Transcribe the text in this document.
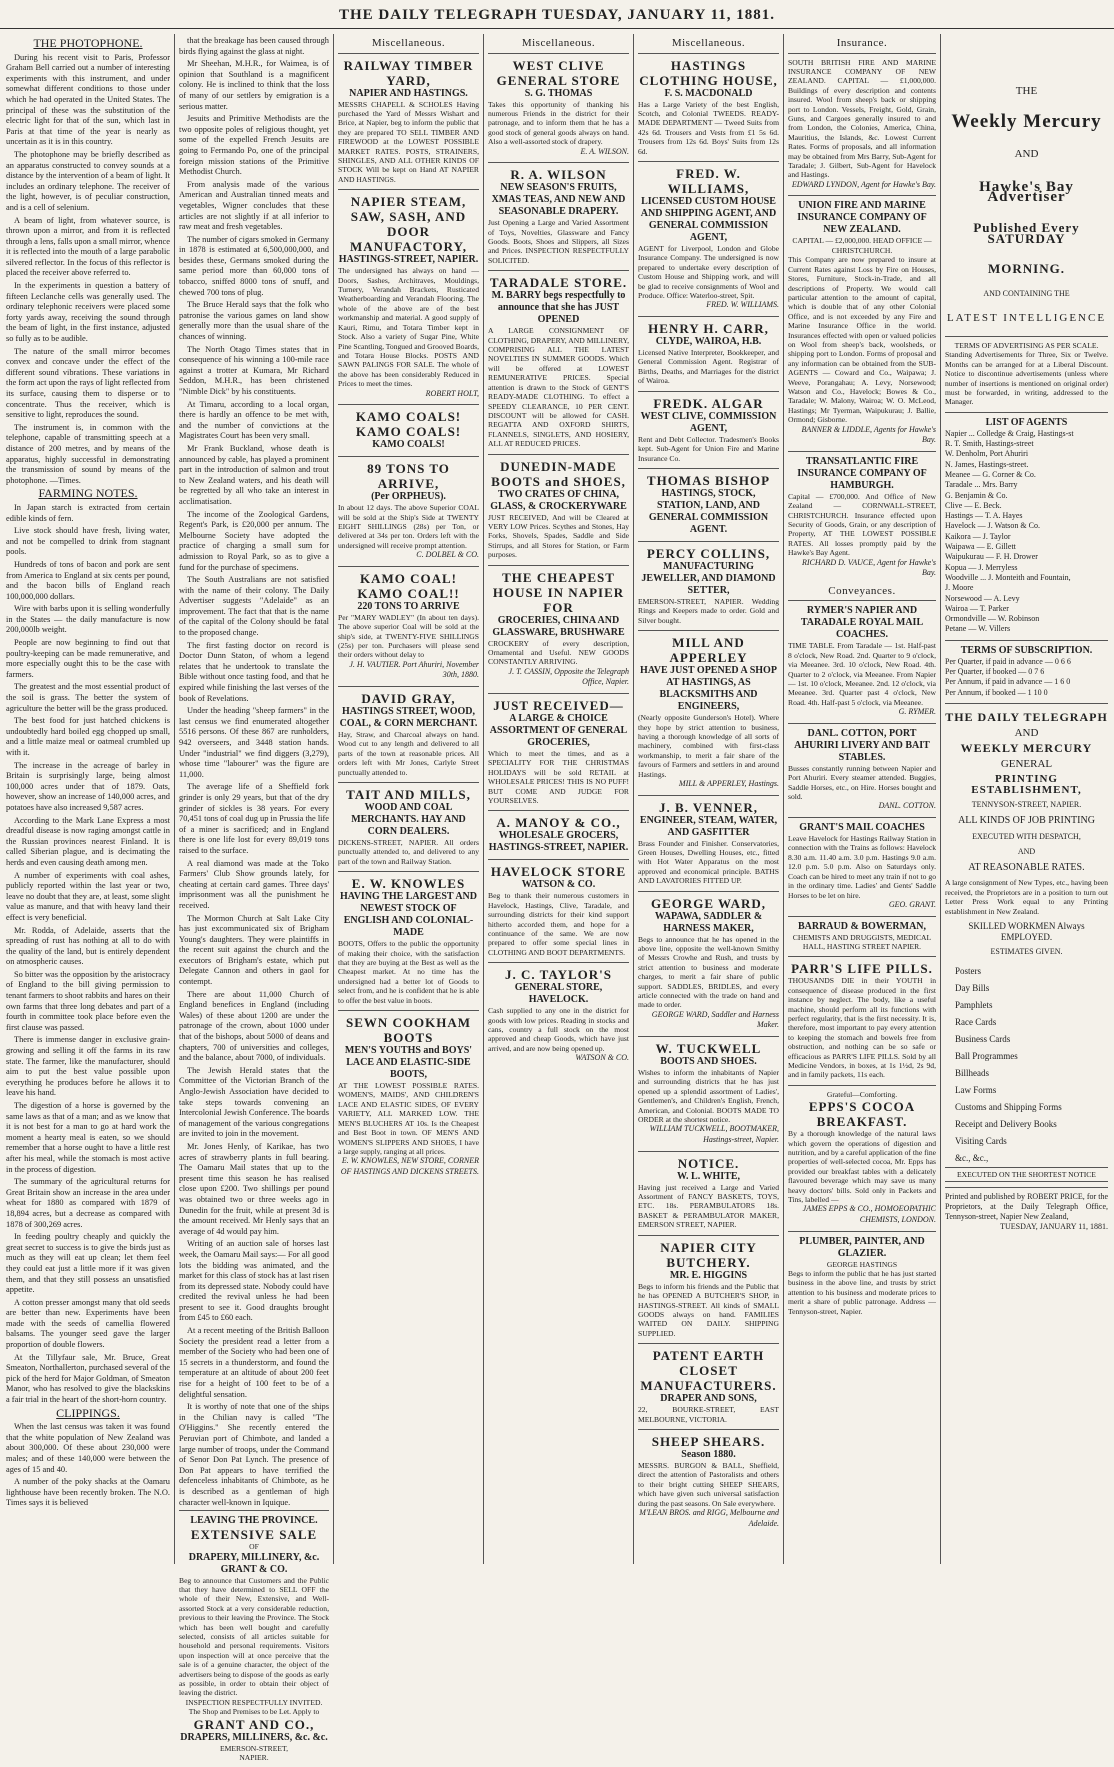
THE DAILY TELEGRAPH TUESDAY, JANUARY 11, 1881.
THE PHOTOPHONE.

During his recent visit to Paris, Professor Graham Bell carried out a number of interesting experiments with this instrument, and under somewhat different conditions to those under which he had operated in the United States. The principal of these was the substitution of the electric light for that of the sun, which last in Paris at that time of the year is nearly as uncertain as it is in this country.

The photophone may be briefly described as an apparatus constructed to convey sounds at a distance by the intervention of a beam of light. It includes an ordinary telephone. The receiver of the light, however, is of peculiar construction, and is a cell of selenium.

A beam of light, from whatever source, is thrown upon a mirror, and from it is reflected through a lens, falls upon a small mirror, whence it is reflected into the mouth of a large parabolic silvered reflector. In the focus of this reflector is placed the receiver above referred to.

In the experiments in question a battery of fifteen Leclanche cells was generally used. The ordinary telephonic receivers were placed some forty yards away, receiving the sound through the beam of light, in the first instance, adjusted so fully as to be audible.

The nature of the small mirror becomes convex and concave under the effect of the different sound vibrations. These variations in the form act upon the rays of light reflected from its surface, causing them to disperse or to concentrate. Thus the receiver, which is sensitive to light, reproduces the sound.

The instrument is, in common with the telephone, capable of transmitting speech at a distance of 200 metres, and by means of the apparatus, highly successful in demonstrating the transmission of sound by means of the photophone. —Times.

FARMING NOTES.

In Japan starch is extracted from certain edible kinds of fern.

Live stock should have fresh, living water, and not be compelled to drink from stagnant pools.

Hundreds of tons of bacon and pork are sent from America to England at six cents per pound, and the bacon bills of England reach 100,000,000 dollars.

Wire with barbs upon it is selling wonderfully in the States — the daily manufacture is now 200,000lb weight.

People are now beginning to find out that poultry-keeping can be made remunerative, and more especially ought this to be the case with farmers.

The greatest and the most essential product of the soil is grass. The better the system of agriculture the better will be the grass produced.

The best food for just hatched chickens is undoubtedly hard boiled egg chopped up small, and a little maize meal or oatmeal crumbled up with it.

The increase in the acreage of barley in Britain is surprisingly large, being almost 100,000 acres under that of 1879. Oats, however, show an increase of 140,000 acres, and potatoes have also increased 9,587 acres.

According to the Mark Lane Express a most dreadful disease is now raging amongst cattle in the Russian provinces nearest Finland. It is called Siberian plague, and is decimating the herds and even causing death among men.

A number of experiments with coal ashes, publicly reported within the last year or two, leave no doubt that they are, at least, some slight value as manure, and that with heavy land their effect is very beneficial.

Mr. Rodda, of Adelaide, asserts that the spreading of rust has nothing at all to do with the quality of the land, but is entirely dependent on atmospheric causes.

So bitter was the opposition by the aristocracy of England to the bill giving permission to tenant farmers to shoot rabbits and hares on their own farms that three long debates and part of a fourth in committee took place before even the first clause was passed.

There is immense danger in exclusive grain-growing and selling it off the farms in its raw state. The farmer, like the manufacturer, should aim to put the best value possible upon everything he produces before he allows it to leave his hand.

The digestion of a horse is governed by the same laws as that of a man; and as we know that it is not best for a man to go at hard work the moment a hearty meal is eaten, so we should remember that a horse ought to have a little rest after his meal, while the stomach is most active in the process of digestion.

The summary of the agricultural returns for Great Britain show an increase in the area under wheat for 1880 as compared with 1879 of 18,894 acres, but a decrease as compared with 1878 of 300,269 acres.

In feeding poultry cheaply and quickly the great secret to success is to give the birds just as much as they will eat up clean; let them feel they could eat just a little more if it was given them, and that they still possess an unsatisfied appetite.

A cotton presser amongst many that old seeds are better than new. Experiments have been made with the seeds of camellia flowered balsams. The younger seed gave the larger proportion of double flowers.

At the Tillyfaur sale, Mr. Bruce, Great Smeaton, Northallerton, purchased several of the pick of the herd for Major Goldman, of Smeaton Manor, who has resolved to give the blackskins a fair trial in the heart of the short-horn country.

CLIPPINGS.

When the last census was taken it was found that the white population of New Zealand was about 300,000. Of these about 230,000 were males; and of these 140,000 were between the ages of 15 and 40.

A number of the poky shacks at the Oamaru lighthouse have been recently broken. The N.O. Times says it is believed

that the breakage has been caused through birds flying against the glass at night.

Mr Sheehan, M.H.R., for Waimea, is of opinion that Southland is a magnificent colony. He is inclined to think that the loss of many of our settlers by emigration is a serious matter.

Jesuits and Primitive Methodists are the two opposite poles of religious thought, yet some of the expelled French Jesuits are going to Fermando Po, one of the principal foreign mission stations of the Primitive Methodist Church.

From analysis made of the various American and Australian tinned meats and vegetables, Wigner concludes that these articles are not slightly if at all inferior to raw meat and fresh vegetables.

The number of cigars smoked in Germany in 1878 is estimated at 6,500,000,000, and besides these, Germans smoked during the same period more than 60,000 tons of tobacco, sniffed 8000 tons of snuff, and chewed 700 tons of plug.

The Bruce Herald says that the folk who patronise the various games on land show generally more than the usual share of the chances of winning.

The North Otago Times states that in consequence of his winning a 100-mile race against a trotter at Kumara, Mr Richard Seddon, M.H.R., has been christened "Nimble Dick" by his constituents.

At Timaru, according to a local organ, there is hardly an offence to be met with, and the number of convictions at the Magistrates Court has been very small.

Mr Frank Buckland, whose death is announced by cable, has played a prominent part in the introduction of salmon and trout to New Zealand waters, and his death will be regretted by all who take an interest in acclimatisation.

The income of the Zoological Gardens, Regent's Park, is £20,000 per annum. The Melbourne Society have adopted the practice of charging a small sum for admission to Royal Park, so as to give a fund for the purchase of specimens.

The South Australians are not satisfied with the name of their colony. The Daily Advertiser suggests "Adelaide" as an improvement. The fact that that is the name of the capital of the Colony should be fatal to the proposed change.

The first fasting doctor on record is Doctor Dunn Staton, of whom a legend relates that he undertook to translate the Bible without once tasting food, and that he expired while finishing the last verses of the book of Revelations.

Under the heading "sheep farmers" in the last census we find enumerated altogether 5516 persons. Of these 867 are runholders, 942 overseers, and 3448 station hands. Under "industrial" we find diggers (3,279), whose time "labourer" was the figure are 11,000.

The average life of a Sheffield fork grinder is only 29 years, but that of the dry grinder of sickles is 38 years. For every 70,451 tons of coal dug up in Prussia the life of a miner is sacrificed; and in England there is one life lost for every 89,019 tons raised to the surface.

A real diamond was made at the Toko Farmers' Club Show grounds lately, for cheating at certain card games. Three days' imprisonment was all the punishment he received.

The Mormon Church at Salt Lake City has just excommunicated six of Brigham Young's daughters. They were plaintiffs in the recent suit against the church and the executors of Brigham's estate, which put Delegate Cannon and others in gaol for contempt.

There are about 11,000 Church of England benefices in England (including Wales) of these about 1200 are under the patronage of the crown, about 1000 under that of the bishops, about 5000 of deans and chapters, 700 of universities and colleges, and the balance, about 7000, of individuals.

The Jewish Herald states that the Committee of the Victorian Branch of the Anglo-Jewish Association have decided to take steps towards convening an Intercolonial Jewish Conference. The boards of management of the various congregations are invited to join in the movement.

Mr. Jones Henly, of Karikae, has two acres of strawberry plants in full bearing. The Oamaru Mail states that up to the present time this season he has realised close upon £200. Two shillings per pound was obtained two or three weeks ago in Dunedin for the fruit, while at present 3d is the amount received. Mr Henly says that an average of 4d would pay him.

Writing of an auction sale of horses last week, the Oamaru Mail says:— For all good lots the bidding was animated, and the market for this class of stock has at last risen from its depressed state. Nobody could have credited the revival unless he had been present to see it. Good draughts brought from £45 to £60 each.

At a recent meeting of the British Balloon Society the president read a letter from a member of the Society who had been one of 15 secrets in a thunderstorm, and found the temperature at an altitude of about 200 feet rise for a height of 100 feet to be of a delightful sensation.

It is worthy of note that one of the ships in the Chilian navy is called "The O'Higgins." She recently entered the Peruvian port of Chimbote, and landed a large number of troops, under the Command of Senor Don Pat Lynch. The presence of Don Pat appears to have terrified the defenceless inhabitants of Chimbote, as he is described as a gentleman of high character well-known in Iquique.

LEAVING THE PROVINCE.
EXTENSIVE SALE
OF
DRAPERY, MILLINERY, &c.
GRANT & CO.
Beg to announce that Customers and the Public that they have determined to SELL OFF the whole of their New, Extensive, and Well-assorted Stock at a very considerable reduction, previous to their leaving the Province. The Stock which has been well bought and carefully selected, consists of all articles suitable for household and personal requirements. Visitors upon inspection will at once perceive that the sale is of a genuine character, the object of the advertisers being to dispose of the goods as early as possible, in order to obtain their object of leaving the district.
INSPECTION RESPECTFULLY INVITED.
The Shop and Premises to be Let. Apply to
GRANT AND CO.,
DRAPERS, MILLINERS, &c. &c.
EMERSON-STREET,
NAPIER.
Miscellaneous.
RAILWAY TIMBER YARD,
NAPIER AND HASTINGS.
MESSRS CHAPELL & SCHOLES Having purchased the Yard of Messrs Wishart and Brice, at Napier, beg to inform the public that they are prepared TO SELL TIMBER AND FIREWOOD at the LOWEST POSSIBLE MARKET RATES. POSTS, STRAINERS, SHINGLES, AND ALL OTHER KINDS OF STOCK Will be kept on Hand AT NAPIER AND HASTINGS.
NAPIER STEAM, SAW, SASH, AND DOOR MANUFACTORY,
HASTINGS-STREET, NAPIER.
The undersigned has always on hand — Doors, Sashes, Architraves, Mouldings, Turnery, Verandah Brackets, Rusticated Weatherboarding and Verandah Flooring. The whole of the above are of the best workmanship and material. A good supply of Kauri, Rimu, and Totara Timber kept in Stock. Also a variety of Sugar Pine, White Pine Scantling, Tongued and Grooved Boards, and Totara House Blocks. POSTS AND SAWN PALINGS FOR SALE. The whole of the above has been considerably Reduced in Prices to meet the times.
ROBERT HOLT,
KAMO COALS! KAMO COALS!
KAMO COALS!
89 TONS TO ARRIVE,
(Per ORPHEUS).
In about 12 days. The above Superior COAL will be sold at the Ship's Side at TWENTY EIGHT SHILLINGS (28s) per Ton, or delivered at 34s per ton. Orders left with the undersigned will receive prompt attention.
C. DOLBEL & CO.
KAMO COAL! KAMO COAL!!
220 TONS TO ARRIVE
Per "MARY WADLEY" (In about ten days). The above superior Coal will be sold at the ship's side, at TWENTY-FIVE SHILLINGS (25s) per ton. Purchasers will please send their orders without delay to
J. H. VAUTIER. Port Ahuriri, November 30th, 1880.
DAVID GRAY,
HASTINGS STREET, WOOD, COAL, & CORN MERCHANT.
Hay, Straw, and Charcoal always on hand. Wood cut to any length and delivered to all parts of the town at reasonable prices. All orders left with Mr Jones, Carlyle Street punctually attended to.
TAIT AND MILLS,
WOOD AND COAL MERCHANTS. HAY AND CORN DEALERS.
DICKENS-STREET, NAPIER. All orders punctually attended to, and delivered to any part of the town and Railway Station.
E. W. KNOWLES
HAVING THE LARGEST AND NEWEST STOCK OF ENGLISH AND COLONIAL-MADE
BOOTS, Offers to the public the opportunity of making their choice, with the satisfaction that they are buying at the Best as well as the Cheapest market. At no time has the undersigned had a better lot of Goods to select from, and he is confident that he is able to offer the best value in boots.
SEWN COOKHAM BOOTS
MEN'S YOUTHS and BOYS' LACE AND ELASTIC-SIDE BOOTS,
AT THE LOWEST POSSIBLE RATES. WOMEN'S, MAIDS', AND CHILDREN'S LACE AND ELASTIC SIDES, OF EVERY VARIETY, ALL MARKED LOW. THE MEN'S BLUCHERS AT 10s. Is the Cheapest and Best Boot in town. OF MEN'S AND WOMEN'S SLIPPERS AND SHOES, I have a large supply, ranging at all prices.
E. W. KNOWLES, NEW STORE, CORNER OF HASTINGS AND DICKENS STREETS.
Miscellaneous.
WEST CLIVE GENERAL STORE
S. G. THOMAS
Takes this opportunity of thanking his numerous Friends in the district for their patronage, and to inform them that he has a good stock of general goods always on hand. Also a well-assorted stock of drapery.
E. A. WILSON.
R. A. WILSON
NEW SEASON'S FRUITS, XMAS TEAS, AND NEW AND SEASONABLE DRAPERY.
Just Opening a Large and Varied Assortment of Toys, Novelties, Glassware and Fancy Goods. Boots, Shoes and Slippers, all Sizes and Prices. INSPECTION RESPECTFULLY SOLICITED.
TARADALE STORE.
M. BARRY begs respectfully to announce that she has JUST OPENED
A LARGE CONSIGNMENT OF CLOTHING, DRAPERY, AND MILLINERY, COMPRISING ALL THE LATEST NOVELTIES IN SUMMER GOODS. Which will be offered at LOWEST REMUNERATIVE PRICES. Special attention is drawn to the Stock of GENT'S READY-MADE CLOTHING. To effect a SPEEDY CLEARANCE, 10 PER CENT. DISCOUNT will be allowed for CASH. REGATTA AND OXFORD SHIRTS, FLANNELS, SINGLETS, AND HOSIERY, ALL AT REDUCED PRICES.
DUNEDIN-MADE BOOTS and SHOES,
TWO CRATES OF CHINA, GLASS, & CROCKERYWARE
JUST RECEIVED, And will be Cleared at VERY LOW Prices. Scythes and Stones, Hay Forks, Shovels, Spades, Saddle and Side Stirrups, and all Stores for Station, or Farm purposes.
THE CHEAPEST HOUSE IN NAPIER FOR
GROCERIES, CHINA AND GLASSWARE, BRUSHWARE
CROCKERY of every description, Ornamental and Useful. NEW GOODS CONSTANTLY ARRIVING.
J. T. CASSIN, Opposite the Telegraph Office, Napier.
JUST RECEIVED—
A LARGE & CHOICE ASSORTMENT OF GENERAL GROCERIES,
Which to meet the times, and as a SPECIALITY FOR THE CHRISTMAS HOLIDAYS will be sold RETAIL at WHOLESALE PRICES! THIS IS NO PUFF! BUT COME AND JUDGE FOR YOURSELVES.
A. MANOY & CO.,
WHOLESALE GROCERS, HASTINGS-STREET, NAPIER.
HAVELOCK STORE
WATSON & CO.
Beg to thank their numerous customers in Havelock, Hastings, Clive, Taradale, and surrounding districts for their kind support hitherto accorded them, and hope for a continuance of the same. We are now prepared to offer some special lines in CLOTHING AND BOOT DEPARTMENTS.
J. C. TAYLOR'S
GENERAL STORE, HAVELOCK.
Cash supplied to any one in the district for goods with low prices. Reading in stocks and cans, country a full stock on the most approved and cheap Goods, which have just arrived, and are now being opened up.
WATSON & CO.
Miscellaneous.
HASTINGS CLOTHING HOUSE,
F. S. MACDONALD
Has a Large Variety of the best English, Scotch, and Colonial TWEEDS. READY-MADE DEPARTMENT — Tweed Suits from 42s 6d. Trousers and Vests from £1 5s 6d. Trousers from 12s 6d. Boys' Suits from 12s 6d.
FRED. W. WILLIAMS,
LICENSED CUSTOM HOUSE AND SHIPPING AGENT, AND GENERAL COMMISSION AGENT,
AGENT for Liverpool, London and Globe Insurance Company. The undersigned is now prepared to undertake every description of Custom House and Shipping work, and will be glad to receive consignments of Wool and Produce. Office: Waterloo-street, Spit.
FRED. W. WILLIAMS.
HENRY H. CARR,
CLYDE, WAIROA, H.B.
Licensed Native Interpreter, Bookkeeper, and General Commission Agent. Registrar of Births, Deaths, and Marriages for the district of Wairoa.
FREDK. ALGAR
WEST CLIVE, COMMISSION AGENT,
Rent and Debt Collector. Tradesmen's Books kept. Sub-Agent for Union Fire and Marine Insurance Co.
THOMAS BISHOP
HASTINGS, STOCK, STATION, LAND, AND GENERAL COMMISSION AGENT.
PERCY COLLINS,
MANUFACTURING JEWELLER, AND DIAMOND SETTER,
EMERSON-STREET, NAPIER. Wedding Rings and Keepers made to order. Gold and Silver bought.
MILL AND APPERLEY
HAVE JUST OPENED A SHOP AT HASTINGS, AS BLACKSMITHS AND ENGINEERS,
(Nearly opposite Gunderson's Hotel). Where they hope by strict attention to business, having a thorough knowledge of all sorts of machinery, combined with first-class workmanship, to merit a fair share of the favours of Farmers and settlers in and around Hastings.
MILL & APPERLEY, Hastings.
J. B. VENNER,
ENGINEER, STEAM, WATER, AND GASFITTER
Brass Founder and Finisher. Conservatories, Green Houses, Dwelling Houses, etc., fitted with Hot Water Apparatus on the most approved and economical principle. BATHS AND LAVATORIES FITTED UP.
GEORGE WARD,
WAPAWA, SADDLER & HARNESS MAKER,
Begs to announce that he has opened in the above line, opposite the well-known Smithy of Messrs Crowhe and Rush, and trusts by strict attention to business and moderate charges, to merit a fair share of public support. SADDLES, BRIDLES, and every article connected with the trade on hand and made to order.
GEORGE WARD, Saddler and Harness Maker.
W. TUCKWELL
BOOTS AND SHOES.
Wishes to inform the inhabitants of Napier and surrounding districts that he has just opened up a splendid assortment of Ladies', Gentlemen's, and Children's English, French, American, and Colonial. BOOTS MADE TO ORDER at the shortest notice.
WILLIAM TUCKWELL, BOOTMAKER, Hastings-street, Napier.
NOTICE.
W. L. WHITE,
Having just received a Large and Varied Assortment of FANCY BASKETS, TOYS, ETC. 18s. PERAMBULATORS 18s. BASKET & PERAMBULATOR MAKER, EMERSON STREET, NAPIER.
NAPIER CITY BUTCHERY.
MR. E. HIGGINS
Begs to inform his friends and the Public that he has OPENED A BUTCHER'S SHOP, in HASTINGS-STREET. All kinds of SMALL GOODS always on hand. FAMILIES WAITED ON DAILY. SHIPPING SUPPLIED.
PATENT EARTH CLOSET MANUFACTURERS.
DRAPER AND SONS,
22, BOURKE-STREET, EAST MELBOURNE, VICTORIA.
SHEEP SHEARS.
Season 1880.
MESSRS. BURGON & BALL, Sheffield, direct the attention of Pastoralists and others to their bright cutting SHEEP SHEARS, which have given such universal satisfaction during the past seasons. On Sale everywhere.
M'LEAN BROS. and RIGG, Melbourne and Adelaide.
Insurance.
SOUTH BRITISH FIRE AND MARINE INSURANCE COMPANY OF NEW ZEALAND. CAPITAL — £1,000,000. Buildings of every description and contents insured. Wool from sheep's back or shipping port to London. Vessels, Freight, Gold, Grain, Guns, and Cargoes generally insured to and from London, the Colonies, America, China, Mauritius, the Islands, &c. Lowest Current Rates. Forms of proposals, and all information may be obtained from Mrs Barry, Sub-Agent for Taradale; J. Gilbert, Sub-Agent for Havelock and Hastings.
EDWARD LYNDON, Agent for Hawke's Bay.
UNION FIRE AND MARINE INSURANCE COMPANY OF NEW ZEALAND.
CAPITAL — £2,000,000. HEAD OFFICE — CHRISTCHURCH.
This Company are now prepared to insure at Current Rates against Loss by Fire on Houses, Stores, Furniture, Stock-in-Trade, and all descriptions of Property. We would call particular attention to the amount of capital, which is double that of any other Colonial Office, and is not exceeded by any Fire and Marine Insurance Office in the world. Insurances effected with open or valued policies on Wool from sheep's back, woolsheds, or shipping port to London. Forms of proposal and any information can be obtained from the SUB-AGENTS — Coward and Co., Waipawa; J. Weeve, Porangahau; A. Levy, Norsewood; Watson and Co., Havelock; Bowes & Co., Taradale; W. Malony, Wairoa; W. O. McLeod, Hastings; Mr Tyerman, Waipukurau; J. Ballie, Ormond; Gisborne.
BANNER & LIDDLE, Agents for Hawke's Bay.
TRANSATLANTIC FIRE INSURANCE COMPANY OF HAMBURGH.
Capital — £700,000. And Office of New Zealand — CORNWALL-STREET, CHRISTCHURCH. Insurance effected upon Security of Goods, Grain, or any description of Property, AT THE LOWEST POSSIBLE RATES. All losses promptly paid by the Hawke's Bay Agent.
RICHARD D. VAUCE, Agent for Hawke's Bay.
Conveyances.
RYMER'S NAPIER AND TARADALE ROYAL MAIL COACHES.
TIME TABLE. From Taradale — 1st. Half-past 8 o'clock, New Road. 2nd. Quarter to 9 o'clock, via Meeanee. 3rd. 10 o'clock, New Road. 4th. Quarter to 2 o'clock, via Meeanee. From Napier — 1st. 10 o'clock, Meeanee. 2nd. 12 o'clock, via Meeanee. 3rd. Quarter past 4 o'clock, New Road. 4th. Half-past 5 o'clock, via Meeanee.
G. RYMER.
DANL. COTTON, PORT AHURIRI LIVERY AND BAIT STABLES.
Busses constantly running between Napier and Port Ahuriri. Every steamer attended. Buggies, Saddle Horses, etc., on Hire. Horses bought and sold.
DANL. COTTON.
GRANT'S MAIL COACHES
Leave Havelock for Hastings Railway Station in connection with the Trains as follows: Havelock 8.30 a.m. 11.40 a.m. 3.0 p.m. Hastings 9.0 a.m. 12.0 p.m. 5.0 p.m. Also on Saturdays only. Coach can be hired to meet any train if not to go in the ordinary time. Ladies' and Gents' Saddle Horses to be let on hire.
GEO. GRANT.
BARRAUD & BOWERMAN,
CHEMISTS AND DRUGGISTS, MEDICAL HALL, HASTING STREET NAPIER.
PARR'S LIFE PILLS.
THOUSANDS DIE in their YOUTH in consequence of disease produced in the first instance by neglect. The body, like a useful machine, should perform all its functions with perfect regularity, that is the first necessity. It is, therefore, most important to pay every attention to keeping the stomach and bowels free from obstruction, and nothing can be so safe or efficacious as PARR'S LIFE PILLS. Sold by all Medicine Vendors, in boxes, at 1s 1½d, 2s 9d, and in family packets, 11s each.
Grateful—Comforting.
EPPS'S COCOA BREAKFAST.
By a thorough knowledge of the natural laws which govern the operations of digestion and nutrition, and by a careful application of the fine properties of well-selected cocoa, Mr. Epps has provided our breakfast tables with a delicately flavoured beverage which may save us many heavy doctors' bills. Sold only in Packets and Tins, labelled —
JAMES EPPS & CO., HOMOEOPATHIC CHEMISTS, LONDON.
PLUMBER, PAINTER, AND GLAZIER.
GEORGE HASTINGS
Begs to inform the public that he has just started business in the above line, and trusts by strict attention to his business and moderate prices to merit a share of public patronage. Address — Tennyson-street, Napier.
THE
Weekly Mercury
AND
Hawke's Bay Advertiser
Published Every SATURDAY
MORNING.
AND CONTAINING THE
LATEST INTELLIGENCE
TERMS OF ADVERTISING AS PER SCALE.
Standing Advertisements for Three, Six or Twelve. Months can be arranged for at a Liberal Discount. Notice to discontinue advertisements (unless where number of insertions is mentioned on original order) must be forwarded, in writing, addressed to the Manager.
LIST OF AGENTS
Napier ... Colledge & Craig, Hastings-st
R. T. Smith, Hastings-street
W. Denholm, Port Ahuriri
N. James, Hastings-street.
Meanee — G. Corner & Co.
Taradale ... Mrs. Barry
G. Benjamin & Co.
Clive — E. Beck.
Hastings — T. A. Hayes
Havelock — J. Watson & Co.
Kaikora — J. Taylor
Waipawa — E. Gillett
Waipukurau — F. H. Drower
Kopua — J. Merryless
Woodville ... J. Monteith and Fountain,
J. Moore
Norsewood — A. Levy
Wairoa — T. Parker
Ormondville — W. Robinson
Petane — W. Villers
TERMS OF SUBSCRIPTION.
Per Quarter, if paid in advance — 0 6 6
Per Quarter, if booked — 0 7 6
Per Annum, if paid in advance — 1 6 0
Per Annum, if booked — 1 10 0
THE DAILY TELEGRAPH
AND
WEEKLY MERCURY
GENERAL
PRINTING ESTABLISHMENT,
TENNYSON-STREET, NAPIER.
ALL KINDS OF JOB PRINTING
EXECUTED WITH DESPATCH,
AND
AT REASONABLE RATES.
A large consignment of New Types, etc., having been received, the Proprietors are in a position to turn out Letter Press Work equal to any Printing establishment in New Zealand.
SKILLED WORKMEN Always EMPLOYED.
ESTIMATES GIVEN.
Posters
Day Bills
Pamphlets
Race Cards
Business Cards
Ball Programmes
Billheads
Law Forms
Customs and Shipping Forms
Receipt and Delivery Books
Visiting Cards
&c., &c.,
EXECUTED ON THE SHORTEST NOTICE
Printed and published by ROBERT PRICE, for the Proprietors, at the Daily Telegraph Office, Tennyson-street, Napier New Zealand,
TUESDAY, JANUARY 11, 1881.
